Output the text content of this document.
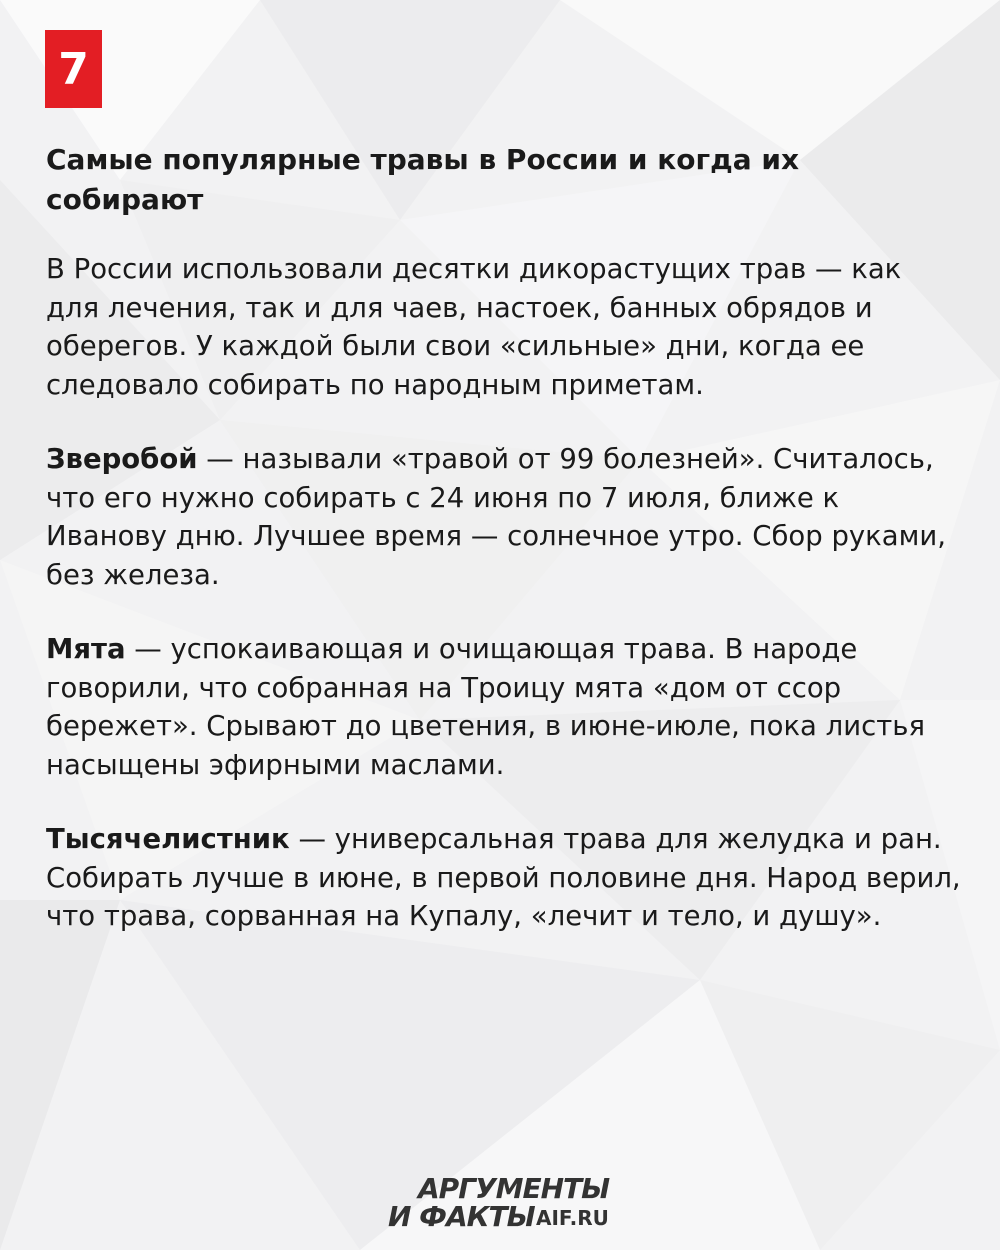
7
Самые популярные травы в России и когда их собирают

В России использовали десятки дикорастущих трав — как для лечения, так и для чаев, настоек, банных обрядов и оберегов. У каждой были свои «сильные» дни, когда ее следовало собирать по народным приметам.

Зверобой — называли «травой от 99 болезней». Считалось, что его нужно собирать с 24 июня по 7 июля, ближе к Иванову дню. Лучшее время — солнечное утро. Сбор руками, без железа.

Мята — успокаивающая и очищающая трава. В народе говорили, что собранная на Троицу мята «дом от ссор бережет». Срывают до цветения, в июне-июле, пока листья насыщены эфирными маслами.

Тысячелистник — универсальная трава для желудка и ран. Собирать лучше в июне, в первой половине дня. Народ верил, что трава, сорванная на Купалу, «лечит и тело, и душу».

АРГУМЕНТЫ
И ФАКТЫ AIF.RU
